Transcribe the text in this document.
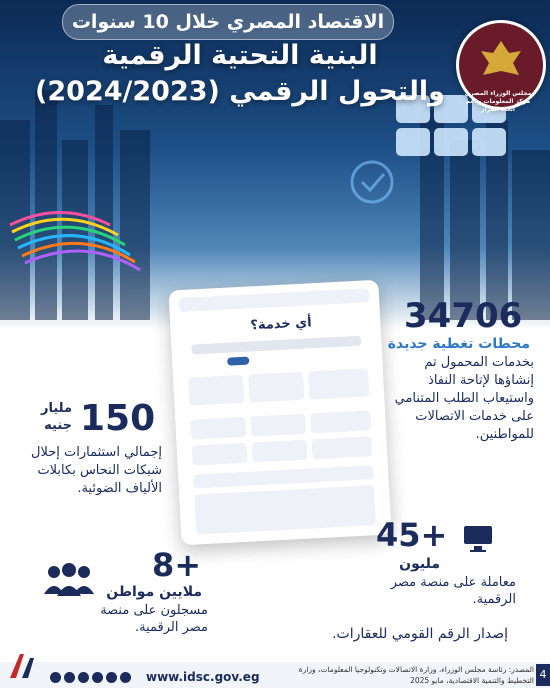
الاقتصاد المصري خلال 10 سنوات
البنية التحتية الرقمية
والتحول الرقمي (2024/2023)	مجلس الوزراء المصري مركز المعلومات ودعم اتخاذ القرار
أي خدمة؟	34706
محطات تغطية جديدة
بخدمات المحمول تم إنشاؤها لإتاحة النفاذ واستيعاب الطلب المتنامي على خدمات الاتصالات للمواطنين.
150
مليار جنيه
إجمالي استثمارات إحلال شبكات النحاس بكابلات الألياف الضوئية.
45+
مليون
معاملة على منصة مصر الرقمية.
8+
ملايين مواطن
مسجلون على منصة مصر الرقمية.	إصدار الرقم القومي للعقارات.
www.idsc.gov.eg
المصدر: رئاسة مجلس الوزراء، وزارة الاتصالات وتكنولوجيا المعلومات، وزارة التخطيط والتنمية الاقتصادية، مايو 2025 4
